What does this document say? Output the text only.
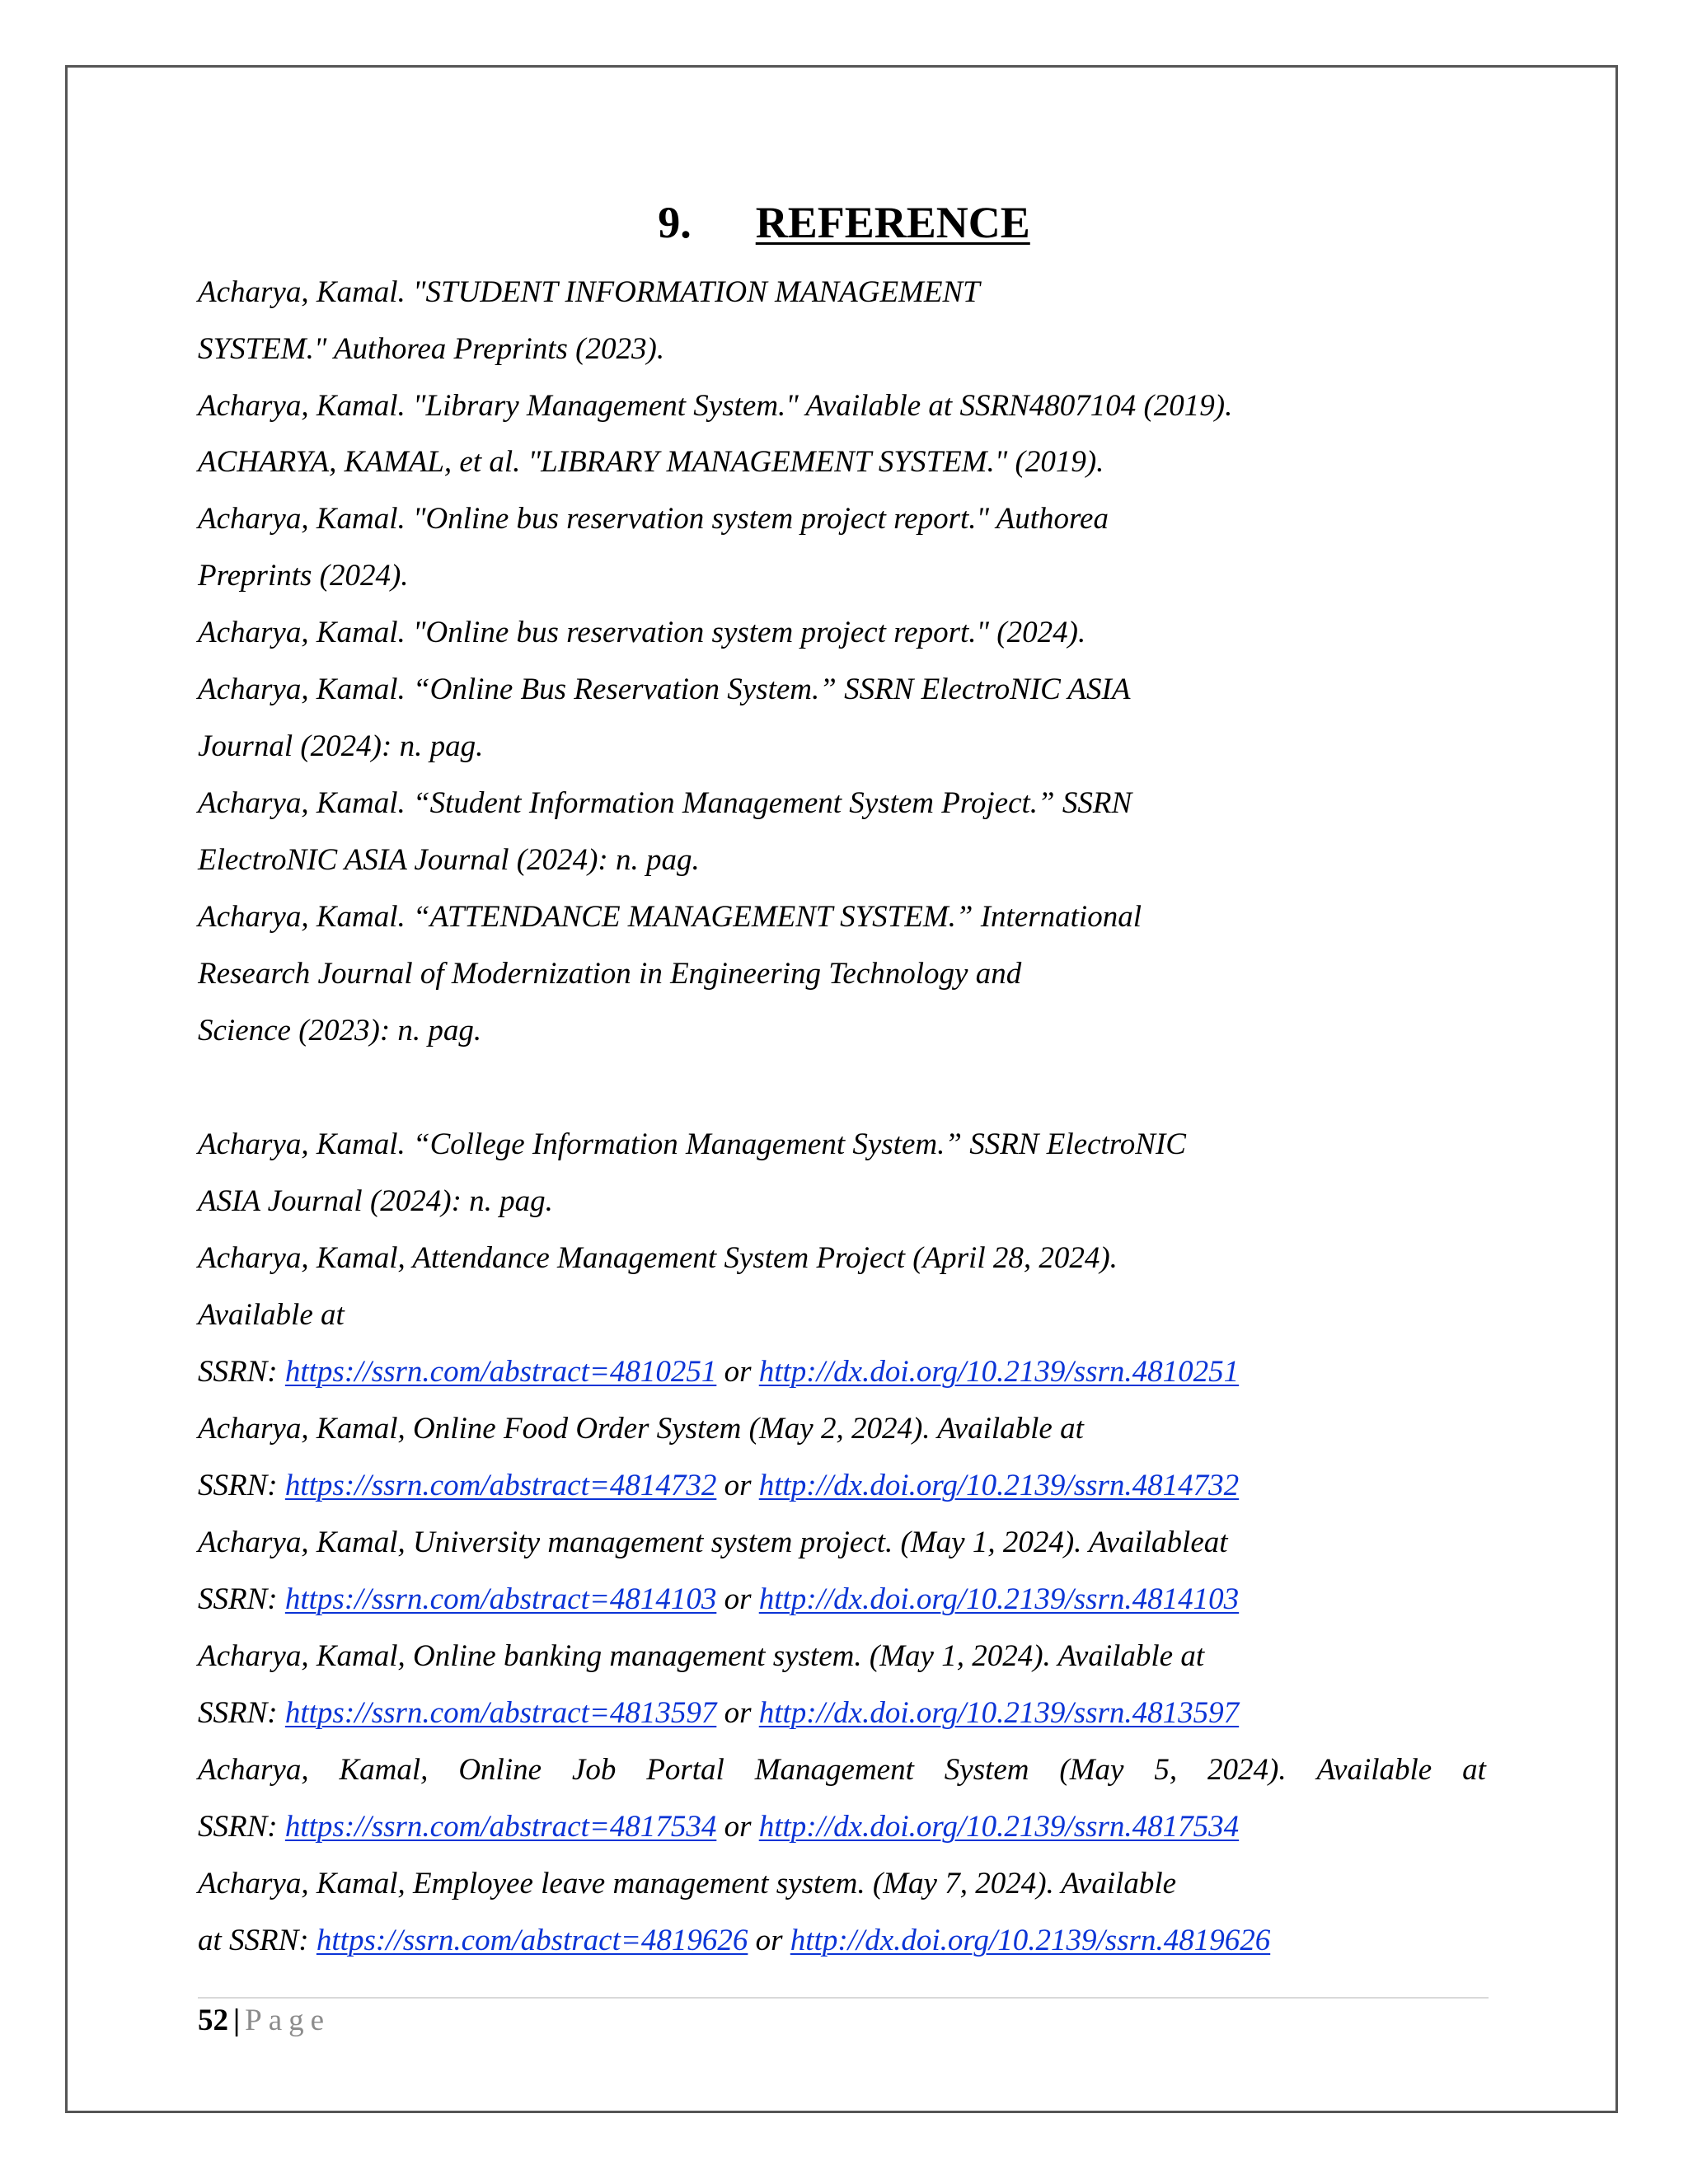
9. REFERENCE
Acharya, Kamal. "STUDENT INFORMATION MANAGEMENT
SYSTEM." Authorea Preprints (2023).
Acharya, Kamal. "Library Management System." Available at SSRN4807104 (2019).
ACHARYA, KAMAL, et al. "LIBRARY MANAGEMENT SYSTEM." (2019).
Acharya, Kamal. "Online bus reservation system project report." Authorea
Preprints (2024).
Acharya, Kamal. "Online bus reservation system project report." (2024).
Acharya, Kamal. “Online Bus Reservation System.” SSRN ElectroNIC ASIA
Journal (2024): n. pag.
Acharya, Kamal. “Student Information Management System Project.” SSRN
ElectroNIC ASIA Journal (2024): n. pag.
Acharya, Kamal. “ATTENDANCE MANAGEMENT SYSTEM.” International
Research Journal of Modernization in Engineering Technology and
Science (2023): n. pag.
Acharya, Kamal. “College Information Management System.” SSRN ElectroNIC
ASIA Journal (2024): n. pag.
Acharya, Kamal, Attendance Management System Project (April 28, 2024).
Available at
SSRN: https://ssrn.com/abstract=4810251 or http://dx.doi.org/10.2139/ssrn.4810251
Acharya, Kamal, Online Food Order System (May 2, 2024). Available at
SSRN: https://ssrn.com/abstract=4814732 or http://dx.doi.org/10.2139/ssrn.4814732
Acharya, Kamal, University management system project. (May 1, 2024). Availableat
SSRN: https://ssrn.com/abstract=4814103 or http://dx.doi.org/10.2139/ssrn.4814103
Acharya, Kamal, Online banking management system. (May 1, 2024). Available at
SSRN: https://ssrn.com/abstract=4813597 or http://dx.doi.org/10.2139/ssrn.4813597
Acharya, Kamal, Online Job Portal Management System (May 5, 2024). Available at
SSRN: https://ssrn.com/abstract=4817534 or http://dx.doi.org/10.2139/ssrn.4817534
Acharya, Kamal, Employee leave management system. (May 7, 2024). Available
at SSRN: https://ssrn.com/abstract=4819626 or http://dx.doi.org/10.2139/ssrn.4819626
52 | Page
